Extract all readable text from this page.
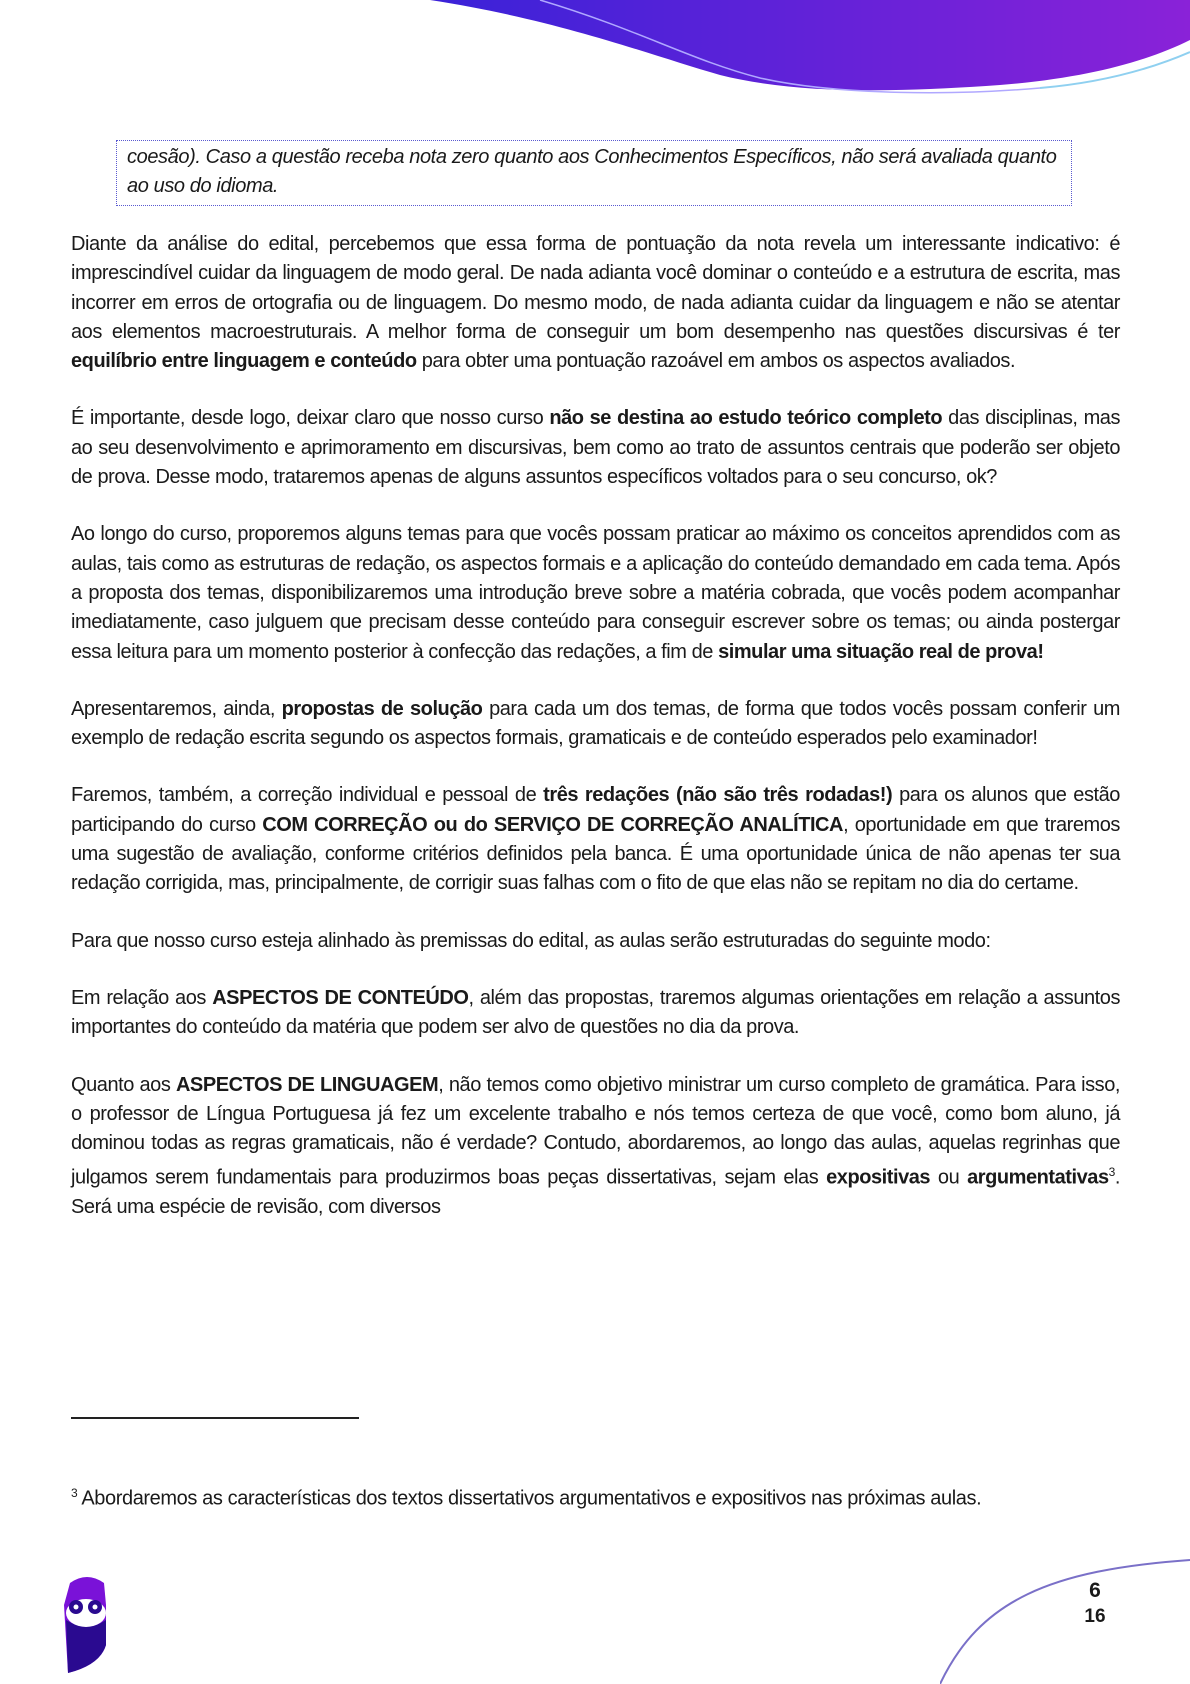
coesão). Caso a questão receba nota zero quanto aos Conhecimentos Específicos, não será avaliada quanto ao uso do idioma.

Diante da análise do edital, percebemos que essa forma de pontuação da nota revela um interessante indicativo: é imprescindível cuidar da linguagem de modo geral. De nada adianta você dominar o conteúdo e a estrutura de escrita, mas incorrer em erros de ortografia ou de linguagem. Do mesmo modo, de nada adianta cuidar da linguagem e não se atentar aos elementos macroestruturais. A melhor forma de conseguir um bom desempenho nas questões discursivas é ter equilíbrio entre linguagem e conteúdo para obter uma pontuação razoável em ambos os aspectos avaliados.

É importante, desde logo, deixar claro que nosso curso não se destina ao estudo teórico completo das disciplinas, mas ao seu desenvolvimento e aprimoramento em discursivas, bem como ao trato de assuntos centrais que poderão ser objeto de prova. Desse modo, trataremos apenas de alguns assuntos específicos voltados para o seu concurso, ok?

Ao longo do curso, proporemos alguns temas para que vocês possam praticar ao máximo os conceitos aprendidos com as aulas, tais como as estruturas de redação, os aspectos formais e a aplicação do conteúdo demandado em cada tema. Após a proposta dos temas, disponibilizaremos uma introdução breve sobre a matéria cobrada, que vocês podem acompanhar imediatamente, caso julguem que precisam desse conteúdo para conseguir escrever sobre os temas; ou ainda postergar essa leitura para um momento posterior à confecção das redações, a fim de simular uma situação real de prova!

Apresentaremos, ainda, propostas de solução para cada um dos temas, de forma que todos vocês possam conferir um exemplo de redação escrita segundo os aspectos formais, gramaticais e de conteúdo esperados pelo examinador!

Faremos, também, a correção individual e pessoal de três redações (não são três rodadas!) para os alunos que estão participando do curso COM CORREÇÃO ou do SERVIÇO DE CORREÇÃO ANALÍTICA, oportunidade em que traremos uma sugestão de avaliação, conforme critérios definidos pela banca. É uma oportunidade única de não apenas ter sua redação corrigida, mas, principalmente, de corrigir suas falhas com o fito de que elas não se repitam no dia do certame.

Para que nosso curso esteja alinhado às premissas do edital, as aulas serão estruturadas do seguinte modo:

Em relação aos ASPECTOS DE CONTEÚDO, além das propostas, traremos algumas orientações em relação a assuntos importantes do conteúdo da matéria que podem ser alvo de questões no dia da prova.

Quanto aos ASPECTOS DE LINGUAGEM, não temos como objetivo ministrar um curso completo de gramática. Para isso, o professor de Língua Portuguesa já fez um excelente trabalho e nós temos certeza de que você, como bom aluno, já dominou todas as regras gramaticais, não é verdade? Contudo, abordaremos, ao longo das aulas, aquelas regrinhas que julgamos serem fundamentais para produzirmos boas peças dissertativas, sejam elas expositivas ou argumentativas$^3$. Será uma espécie de revisão, com diversos

$^3$ Abordaremos as características dos textos dissertativos argumentativos e expositivos nas próximas aulas.
6
16
